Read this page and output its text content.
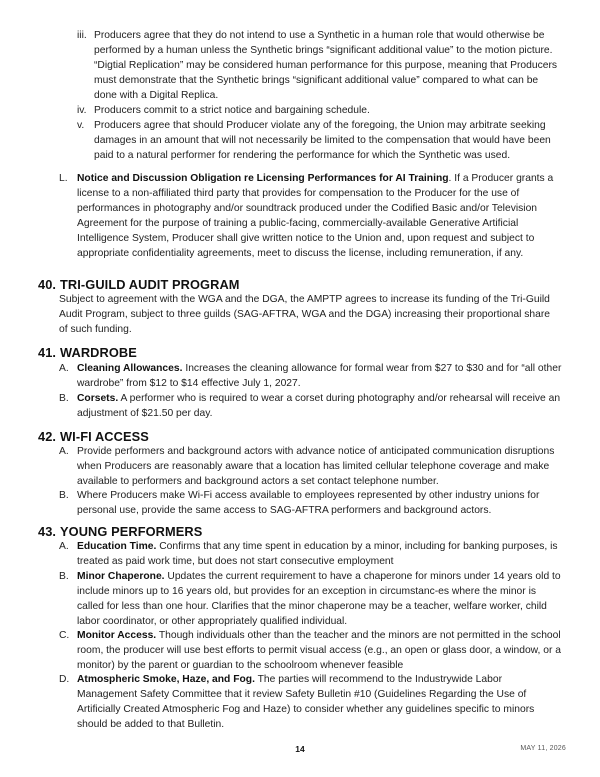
iii. Producers agree that they do not intend to use a Synthetic in a human role that would otherwise be performed by a human unless the Synthetic brings “significant additional value” to the motion picture. “Digtial Replication” may be considered human performance for this purpose, meaning that Producers must demonstrate that the Synthetic brings “significant additional value” compared to what can be done with a Digital Replica.
iv. Producers commit to a strict notice and bargaining schedule.
v. Producers agree that should Producer violate any of the foregoing, the Union may arbitrate seeking damages in an amount that will not necessarily be limited to the compensation that would have been paid to a natural performer for rendering the performance for which the Synthetic was used.
L. Notice and Discussion Obligation re Licensing Performances for AI Training. If a Producer grants a license to a non-affiliated third party that provides for compensation to the Producer for the use of performances in photography and/or soundtrack produced under the Codified Basic and/or Television Agreement for the purpose of training a public-facing, commercially-available Generative Artificial Intelligence System, Producer shall give written notice to the Union and, upon request and subject to appropriate confidentiality agreements, meet to discuss the license, including remuneration, if any.
40. TRI-GUILD AUDIT PROGRAM
Subject to agreement with the WGA and the DGA, the AMPTP agrees to increase its funding of the Tri-Guild Audit Program, subject to three guilds (SAG-AFTRA, WGA and the DGA) increasing their proportional share of such funding.
41. WARDROBE
A. Cleaning Allowances. Increases the cleaning allowance for formal wear from $27 to $30 and for “all other wardrobe” from $12 to $14 effective July 1, 2027.
B. Corsets. A performer who is required to wear a corset during photography and/or rehearsal will receive an adjustment of $21.50 per day.
42. WI-FI ACCESS
A. Provide performers and background actors with advance notice of anticipated communication disruptions when Producers are reasonably aware that a location has limited cellular telephone coverage and make available to performers and background actors a set contact telephone number.
B. Where Producers make Wi-Fi access available to employees represented by other industry unions for personal use, provide the same access to SAG-AFTRA performers and background actors.
43. YOUNG PERFORMERS
A. Education Time. Confirms that any time spent in education by a minor, including for banking purposes, is treated as paid work time, but does not start consecutive employment
B. Minor Chaperone. Updates the current requirement to have a chaperone for minors under 14 years old to include minors up to 16 years old, but provides for an exception in circumstanc-es where the minor is called for less than one hour. Clarifies that the minor chaperone may be a teacher, welfare worker, child labor coordinator, or other appropriately qualified individual.
C. Monitor Access. Though individuals other than the teacher and the minors are not permitted in the school room, the producer will use best efforts to permit visual access (e.g., an open or glass door, a window, or a monitor) by the parent or guardian to the schoolroom whenever feasible
D. Atmospheric Smoke, Haze, and Fog. The parties will recommend to the Industrywide Labor Management Safety Committee that it review Safety Bulletin #10 (Guidelines Regarding the Use of Artificially Created Atmospheric Fog and Haze) to consider whether any guidelines specific to minors should be added to that Bulletin.
14	MAY 11, 2026
